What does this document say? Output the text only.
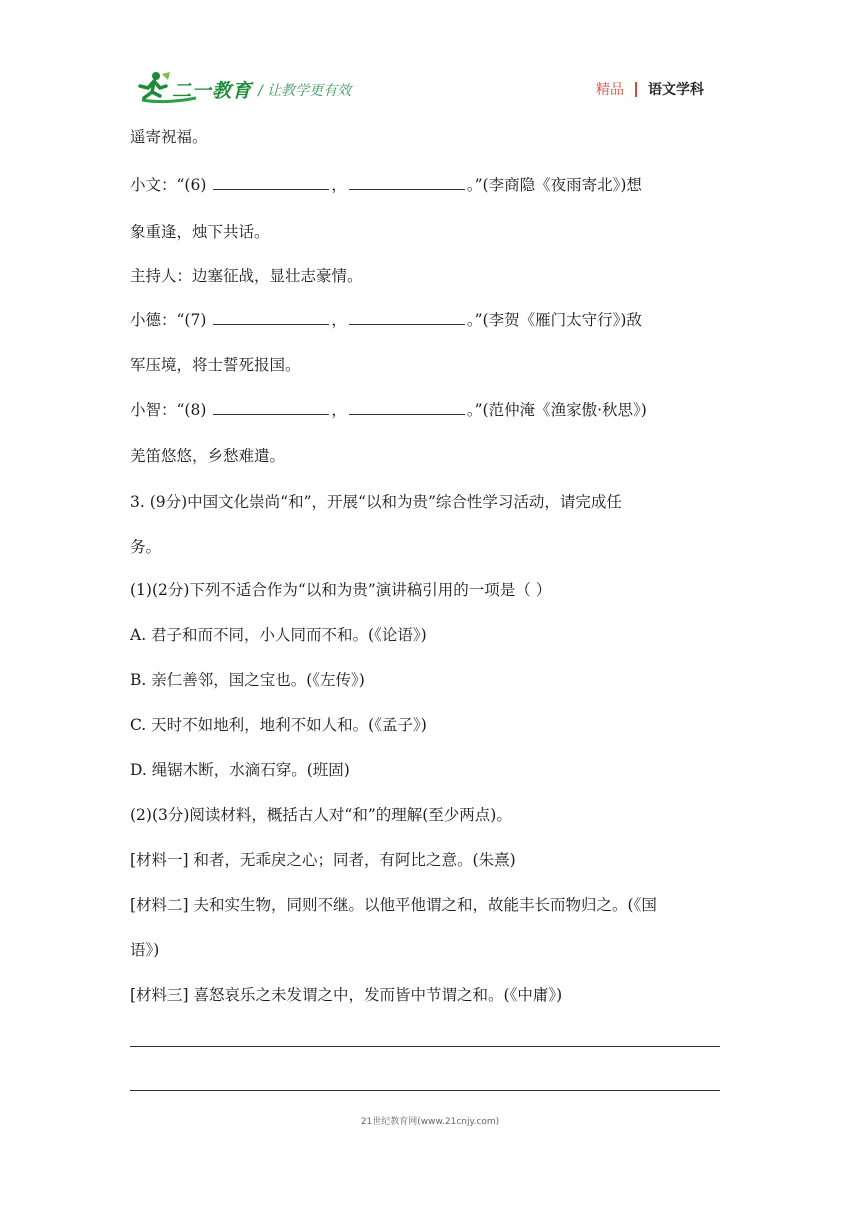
二一教育 / 让教学更有效	精品 语文学科
遥寄祝福。
小文：“(6)	，	。”(李商隐《夜雨寄北》)想
象重逢，烛下共话。
主持人：边塞征战，显壮志豪情。
小德：“(7)	，	。”(李贺《雁门太守行》)敌
军压境，将士誓死报国。
小智：“(8)	，	。”(范仲淹《渔家傲·秋思》)
羌笛悠悠，乡愁难遣。
3. (9分)中国文化崇尚“和”，开展“以和为贵”综合性学习活动，请完成任
务。
(1)(2分)下列不适合作为“以和为贵”演讲稿引用的一项是（ ）
A. 君子和而不同，小人同而不和。(《论语》)
B. 亲仁善邻，国之宝也。(《左传》)
C. 天时不如地利，地利不如人和。(《孟子》)
D. 绳锯木断，水滴石穿。(班固)
(2)(3分)阅读材料，概括古人对“和”的理解(至少两点)。
[材料一] 和者，无乖戾之心；同者，有阿比之意。(朱熹)
[材料二] 夫和实生物，同则不继。以他平他谓之和，故能丰长而物归之。(《国
语》)
[材料三] 喜怒哀乐之未发谓之中，发而皆中节谓之和。(《中庸》)
21世纪教育网(www.21cnjy.com)
